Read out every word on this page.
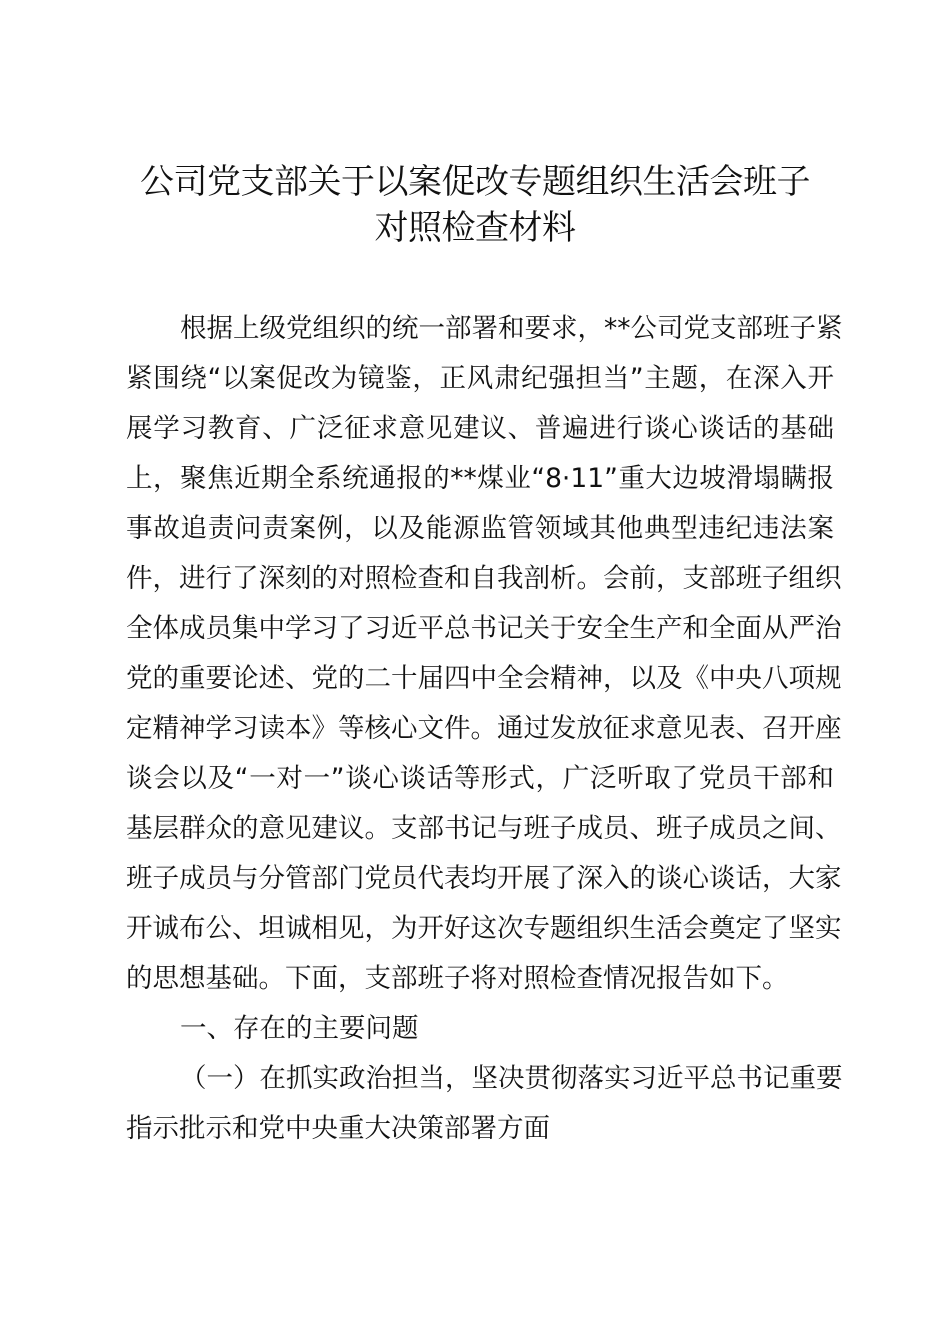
公司党支部关于以案促改专题组织生活会班子
对照检查材料
根据上级党组织的统一部署和要求，**公司党支部班子紧
紧围绕“以案促改为镜鉴，正风肃纪强担当”主题，在深入开
展学习教育、广泛征求意见建议、普遍进行谈心谈话的基础
上，聚焦近期全系统通报的**煤业“8·11”重大边坡滑塌瞒报
事故追责问责案例，以及能源监管领域其他典型违纪违法案
件，进行了深刻的对照检查和自我剖析。会前，支部班子组织
全体成员集中学习了习近平总书记关于安全生产和全面从严治
党的重要论述、党的二十届四中全会精神，以及《中央八项规
定精神学习读本》等核心文件。通过发放征求意见表、召开座
谈会以及“一对一”谈心谈话等形式，广泛听取了党员干部和
基层群众的意见建议。支部书记与班子成员、班子成员之间、
班子成员与分管部门党员代表均开展了深入的谈心谈话，大家
开诚布公、坦诚相见，为开好这次专题组织生活会奠定了坚实
的思想基础。下面，支部班子将对照检查情况报告如下。
一、存在的主要问题
（一）在抓实政治担当，坚决贯彻落实习近平总书记重要
指示批示和党中央重大决策部署方面
